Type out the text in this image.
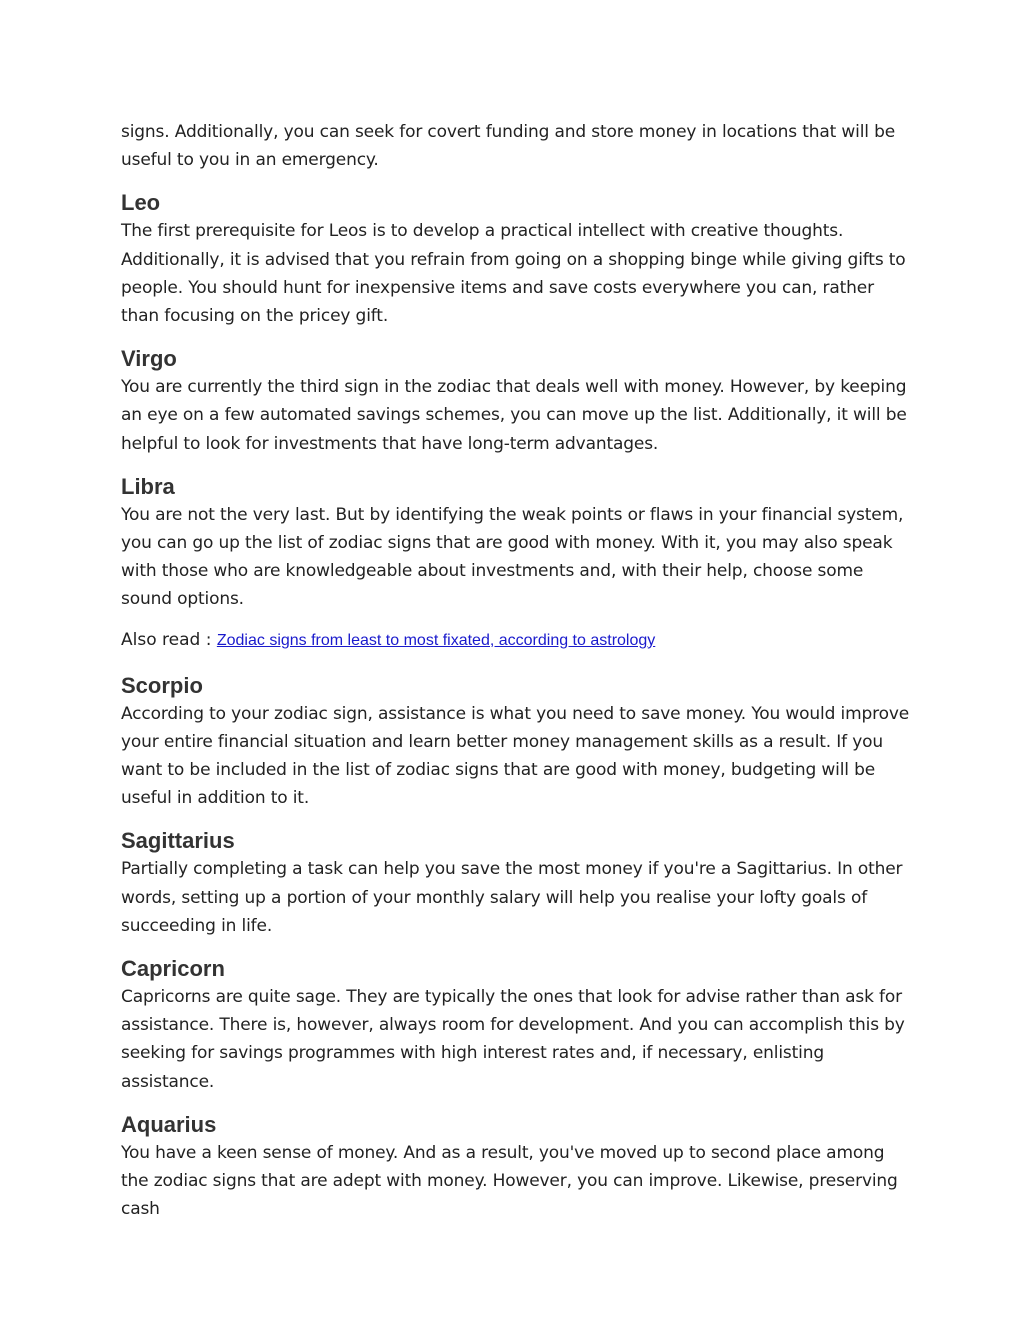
signs. Additionally, you can seek for covert funding and store money in locations that will be useful to you in an emergency.

Leo

The first prerequisite for Leos is to develop a practical intellect with creative thoughts. Additionally, it is advised that you refrain from going on a shopping binge while giving gifts to people. You should hunt for inexpensive items and save costs everywhere you can, rather than focusing on the pricey gift.

Virgo

You are currently the third sign in the zodiac that deals well with money. However, by keeping an eye on a few automated savings schemes, you can move up the list. Additionally, it will be helpful to look for investments that have long-term advantages.

Libra

You are not the very last. But by identifying the weak points or flaws in your financial system, you can go up the list of zodiac signs that are good with money. With it, you may also speak with those who are knowledgeable about investments and, with their help, choose some sound options.

Also read : Zodiac signs from least to most fixated, according to astrology

Scorpio

According to your zodiac sign, assistance is what you need to save money. You would improve your entire financial situation and learn better money management skills as a result. If you want to be included in the list of zodiac signs that are good with money, budgeting will be useful in addition to it.

Sagittarius

Partially completing a task can help you save the most money if you're a Sagittarius. In other words, setting up a portion of your monthly salary will help you realise your lofty goals of succeeding in life.

Capricorn

Capricorns are quite sage. They are typically the ones that look for advise rather than ask for assistance. There is, however, always room for development. And you can accomplish this by seeking for savings programmes with high interest rates and, if necessary, enlisting assistance.

Aquarius

You have a keen sense of money. And as a result, you've moved up to second place among the zodiac signs that are adept with money. However, you can improve. Likewise, preserving cash
